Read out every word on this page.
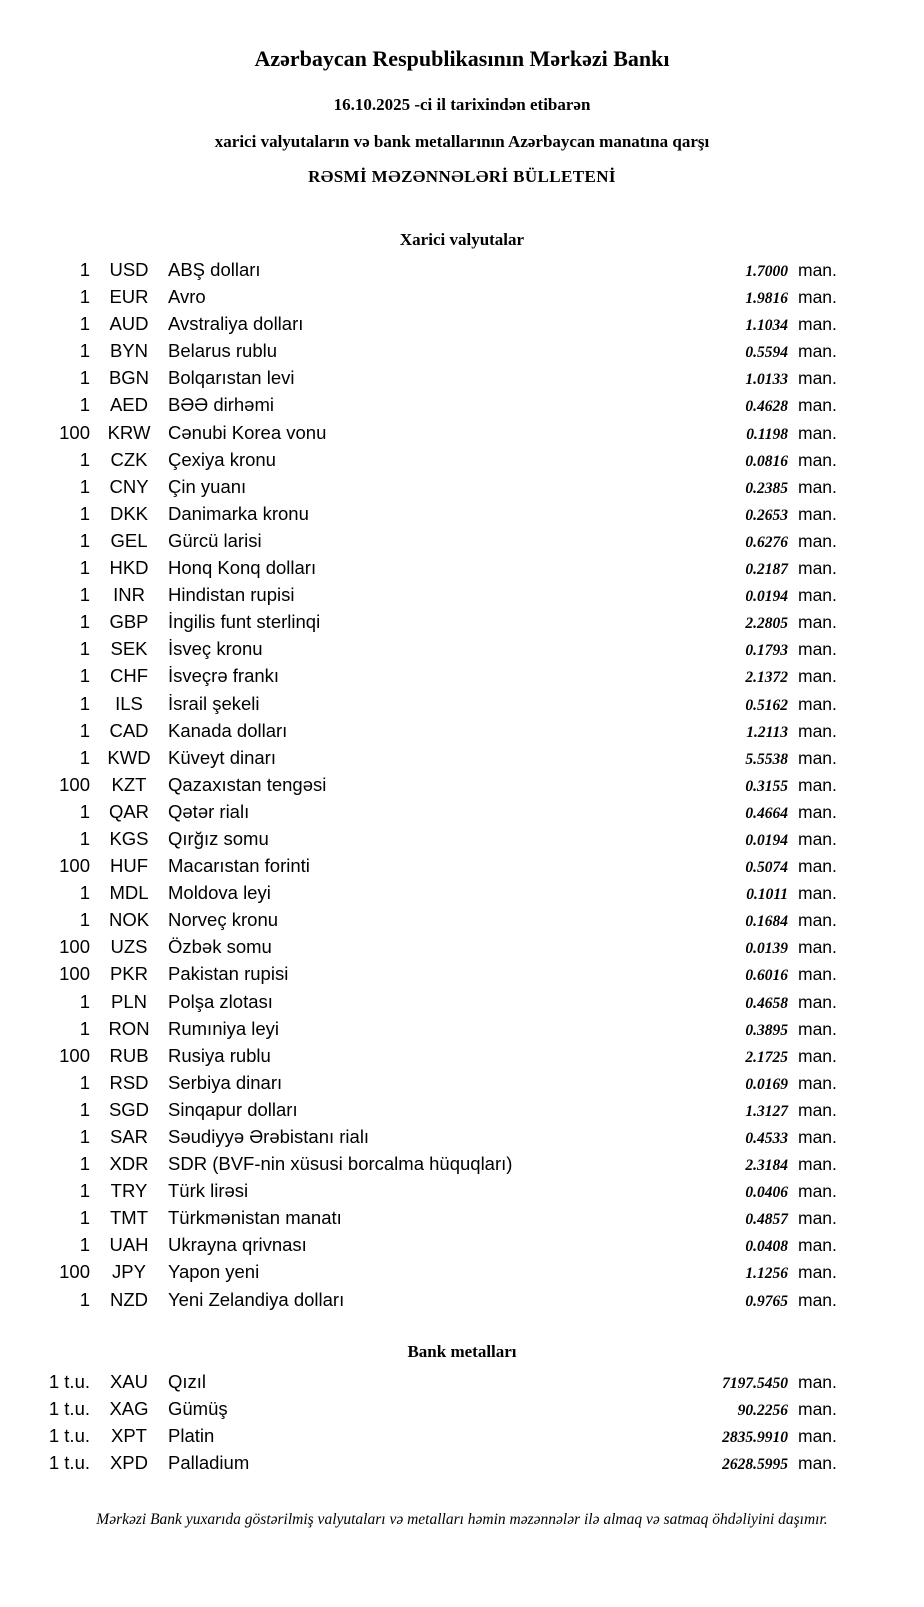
Azərbaycan Respublikasının Mərkəzi Bankı
16.10.2025 -ci il tarixindən etibarən
xarici valyutaların və bank metallarının Azərbaycan manatına qarşı
RƏSMİ MƏZƏNNƏLƏRİ BÜLLETENİ
Xarici valyutalar
1	USD	ABŞ dolları	1.7000 man.
1	EUR	Avro	1.9816 man.
1	AUD	Avstraliya dolları	1.1034 man.
1	BYN	Belarus rublu	0.5594 man.
1	BGN	Bolqarıstan levi	1.0133 man.
1	AED	BƏƏ dirhəmi	0.4628 man.
100 KRW Cənubi Korea vonu	0.1198 man.
1	CZK	Çexiya kronu	0.0816 man.
1	CNY	Çin yuanı	0.2385 man.
1	DKK	Danimarka kronu	0.2653 man.
1	GEL	Gürcü larisi	0.6276 man.
1	HKD	Honq Konq dolları	0.2187 man.
1	INR	Hindistan rupisi	0.0194 man.
1	GBP	İngilis funt sterlinqi	2.2805 man.
1	SEK	İsveç kronu	0.1793 man.
1	CHF	İsveçrə frankı	2.1372 man.
1	ILS	İsrail şekeli	0.5162 man.
1	CAD	Kanada dolları	1.2113 man.
1 KWD Küveyt dinarı	5.5538 man.
100	KZT	Qazaxıstan tengəsi	0.3155 man.
1	QAR	Qətər rialı	0.4664 man.
1	KGS	Qırğız somu	0.0194 man.
100	HUF	Macarıstan forinti	0.5074 man.
1	MDL	Moldova leyi	0.1011 man.
1	NOK	Norveç kronu	0.1684 man.
100	UZS	Özbək somu	0.0139 man.
100	PKR	Pakistan rupisi	0.6016 man.
1	PLN	Polşa zlotası	0.4658 man.
1 RON Rumıniya leyi	0.3895 man.
100	RUB	Rusiya rublu	2.1725 man.
1	RSD	Serbiya dinarı	0.0169 man.
1	SGD	Sinqapur dolları	1.3127 man.
1	SAR	Səudiyyə Ərəbistanı rialı	0.4533 man.
1	XDR	SDR (BVF-nin xüsusi borcalma hüquqları)	2.3184 man.
1	TRY	Türk lirəsi	0.0406 man.
1	TMT	Türkmənistan manatı	0.4857 man.
1	UAH	Ukrayna qrivnası	0.0408 man.
100	JPY	Yapon yeni	1.1256 man.
1	NZD	Yeni Zelandiya dolları	0.9765 man.
Bank metalları
1 t.u.	XAU	Qızıl	7197.5450 man.
1 t.u.	XAG	Gümüş	90.2256 man.
1 t.u.	XPT	Platin	2835.9910 man.
1 t.u.	XPD	Palladium	2628.5995 man.
Mərkəzi Bank yuxarıda göstərilmiş valyutaları və metalları həmin məzənnələr ilə almaq və satmaq öhdəliyini daşımır.
